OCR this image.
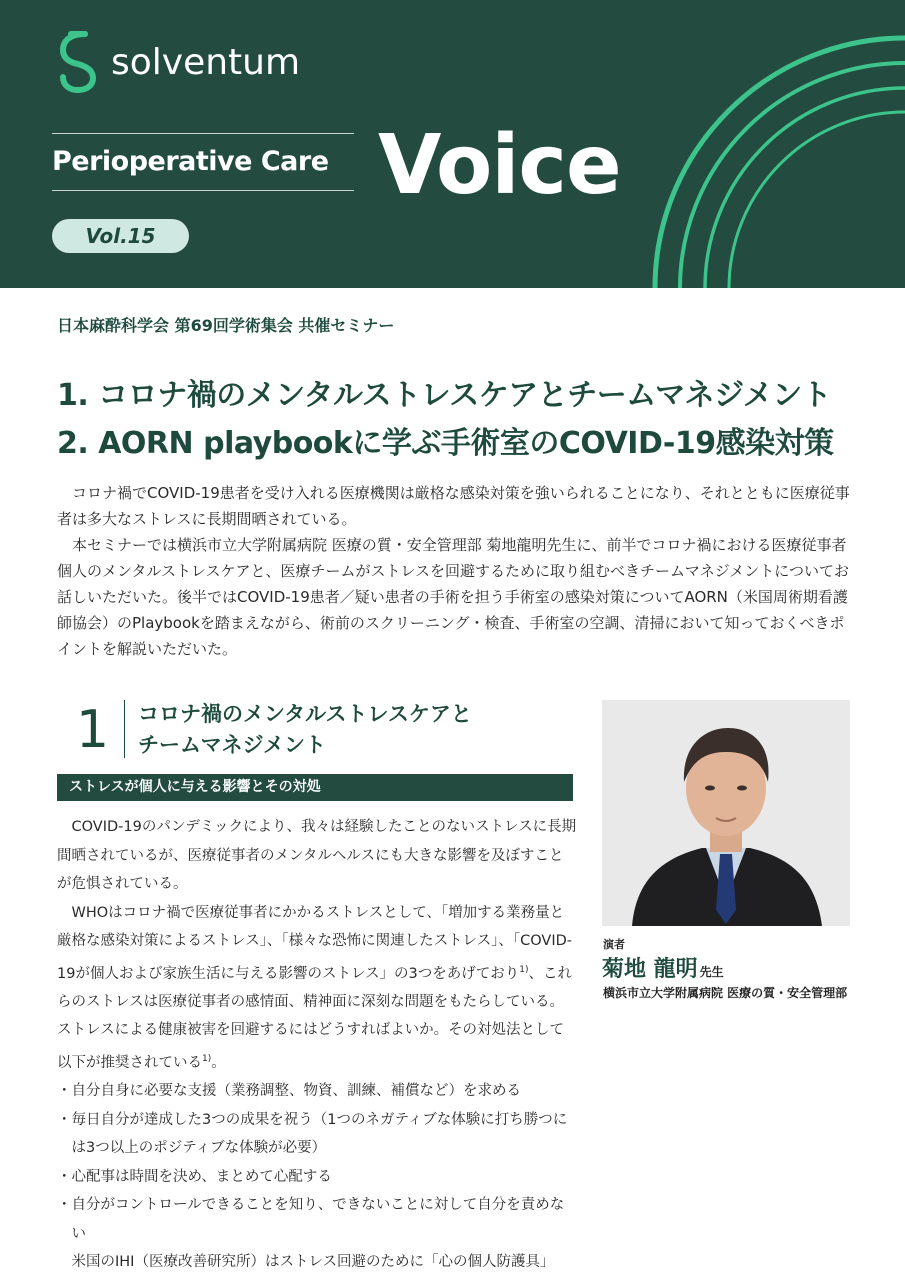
solventum
Perioperative Care Voice
Vol.15
日本麻酔科学会 第69回学術集会 共催セミナー
1. コロナ禍のメンタルストレスケアとチームマネジメント
2. AORN playbookに学ぶ手術室のCOVID-19感染対策

コロナ禍でCOVID-19患者を受け入れる医療機関は厳格な感染対策を強いられることになり、それとともに医療従事者は多大なストレスに長期間晒されている。

本セミナーでは横浜市立大学附属病院 医療の質・安全管理部 菊地龍明先生に、前半でコロナ禍における医療従事者個人のメンタルストレスケアと、医療チームがストレスを回避するために取り組むべきチームマネジメントについてお話しいただいた。後半ではCOVID-19患者／疑い患者の手術を担う手術室の感染対策についてAORN（米国周術期看護師協会）のPlaybookを踏まえながら、術前のスクリーニング・検査、手術室の空調、清掃において知っておくべきポイントを解説いただいた。

1 コロナ禍のメンタルストレスケアと
チームマネジメント
ストレスが個人に与える影響とその対処

COVID-19のパンデミックにより、我々は経験したことのないストレスに長期間晒されているが、医療従事者のメンタルヘルスにも大きな影響を及ぼすことが危惧されている。

WHOはコロナ禍で医療従事者にかかるストレスとして、「増加する業務量と厳格な感染対策によるストレス」、「様々な恐怖に関連したストレス」、「COVID-19が個人および家族生活に与える影響のストレス」の3つをあげており$^{1)}$、これらのストレスは医療従事者の感情面、精神面に深刻な問題をもたらしている。ストレスによる健康被害を回避するにはどうすればよいか。その対処法として以下が推奨されている$^{1)}$。

・ 自分自身に必要な支援（業務調整、物資、訓練、補償など）を求める
・ 毎日自分が達成した3つの成果を祝う（1つのネガティブな体験に打ち勝つには3つ以上のポジティブな体験が必要）
・ 心配事は時間を決め、まとめて心配する
・ 自分がコントロールできることを知り、できないことに対して自分を責めない

米国のIHI（医療改善研究所）はストレス回避のために「心の個人防護具」

演者
菊地 龍明 先生
横浜市立大学附属病院 医療の質・安全管理部
